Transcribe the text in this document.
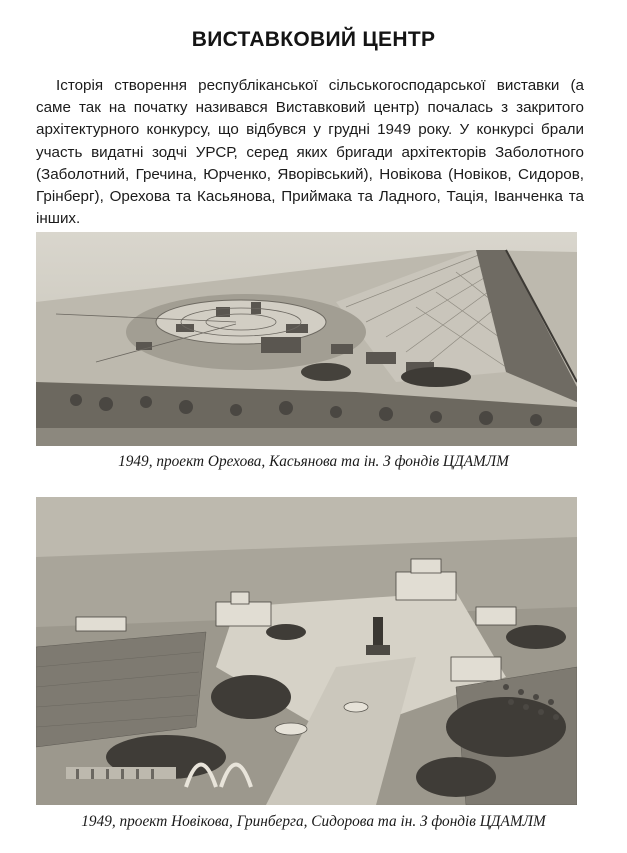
ВИСТАВКОВИЙ ЦЕНТР

Історія створення республіканської сільськогосподарської виставки (а саме так на початку називався Виставковий центр) почалась з закритого архітектурного конкурсу, що відбувся у грудні 1949 року. У конкурсі брали участь видатні зодчі УРСР, серед яких бригади архітекторів Заболотного (Заболотний, Гречина, Юрченко, Яворівський), Новікова (Новіков, Сидоров, Грінберг), Орехова та Касьянова, Приймака та Ладного, Тація, Іванченка та інших.

1949, проект Орехова, Касьянова та ін. З фондів ЦДАМЛМ
1949, проект Новікова, Гринберга, Сидорова та ін. З фондів ЦДАМЛМ
